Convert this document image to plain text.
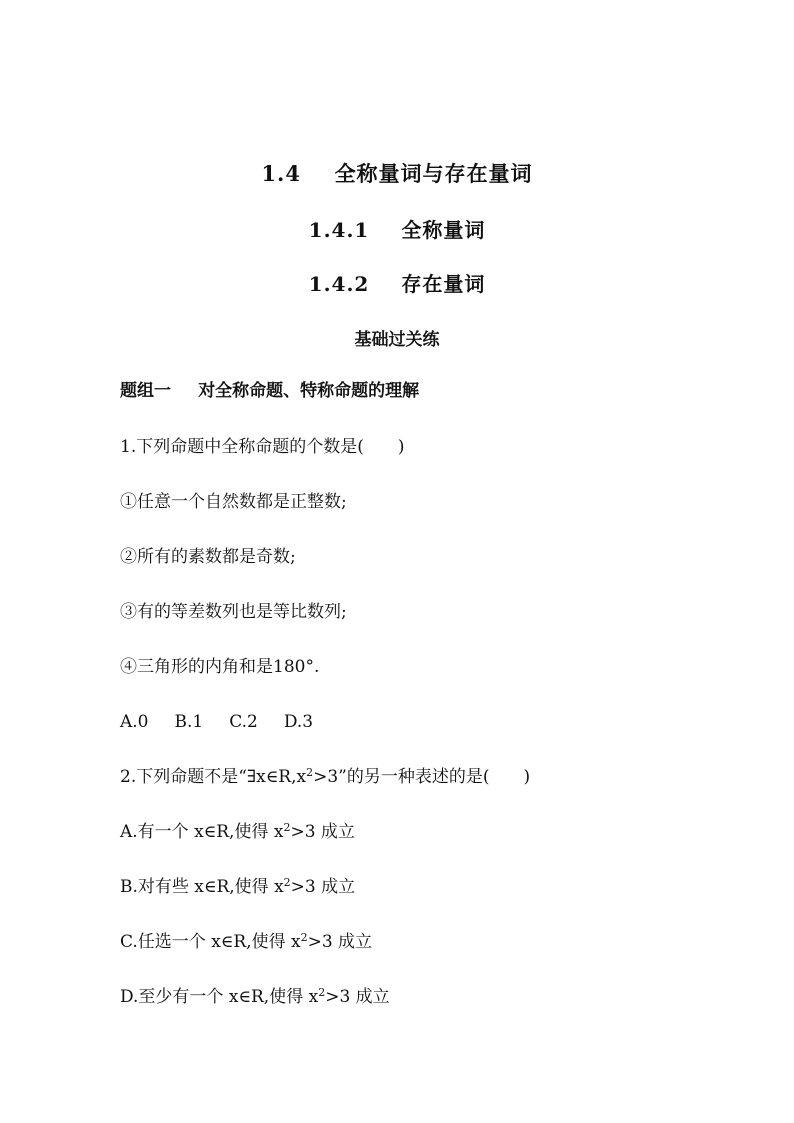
1.4 全称量词与存在量词
1.4.1 全称量词
1.4.2 存在量词
基础过关练
题组一 对全称命题、特称命题的理解
1.下列命题中全称命题的个数是(　　)
①任意一个自然数都是正整数;
②所有的素数都是奇数;
③有的等差数列也是等比数列;
④三角形的内角和是180°.
A.0 B.1 C.2 D.3
2.下列命题不是“$\exists x\in R,x^2>3$”的另一种表述的是(　　)
A.有一个 x∈R,使得 $x^2>3$ 成立
B.对有些 x∈R,使得 $x^2>3$ 成立
C.任选一个 x∈R,使得 $x^2>3$ 成立
D.至少有一个 x∈R,使得 $x^2>3$ 成立
